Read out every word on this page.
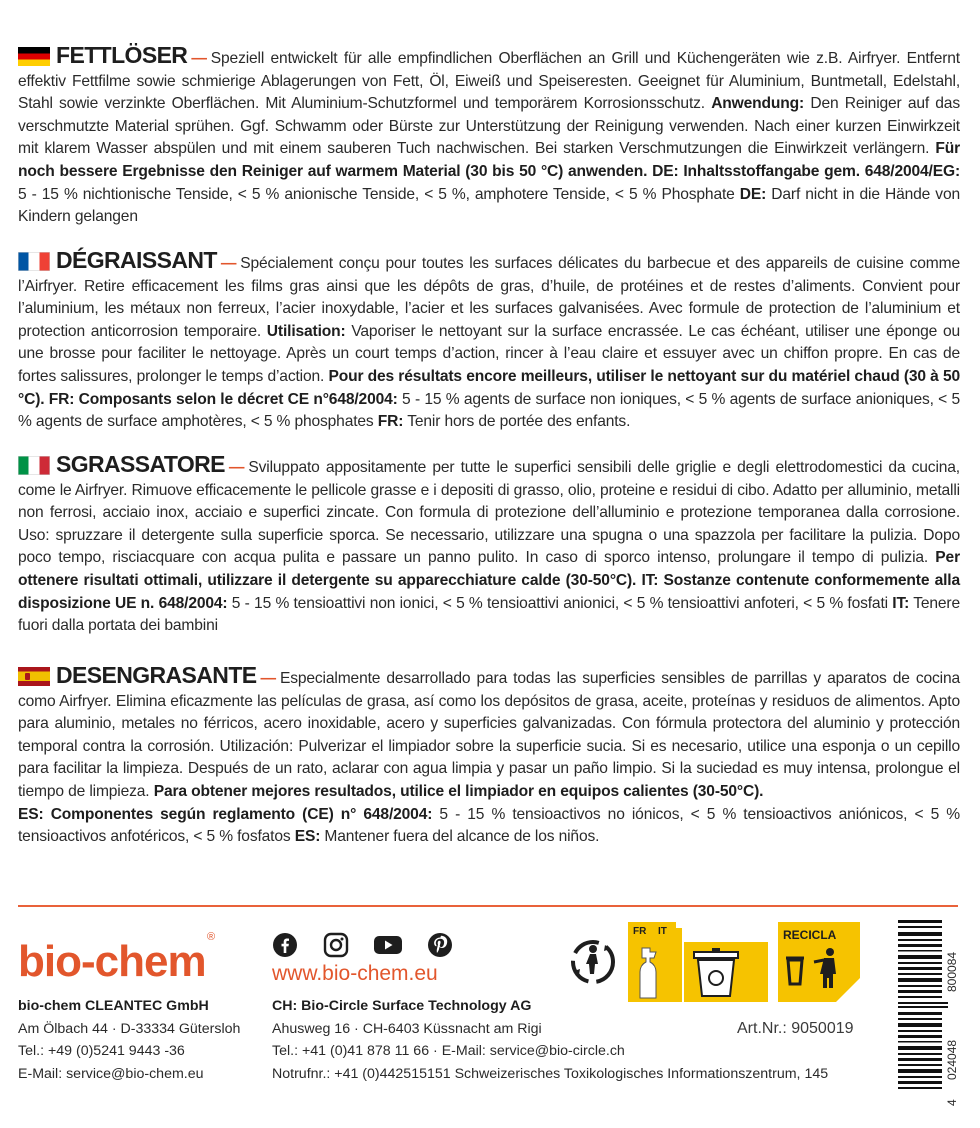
FETTLÖSER — Speziell entwickelt für alle empfindlichen Oberflächen an Grill und Küchengeräten wie z.B. Airfryer. Entfernt effektiv Fettfilme sowie schmierige Ablagerungen von Fett, Öl, Eiweiß und Speiseresten. Geeignet für Aluminium, Buntmetall, Edelstahl, Stahl sowie verzinkte Oberflächen. Mit Aluminium-Schutzformel und temporärem Korrosionsschutz. Anwendung: Den Reiniger auf das verschmutzte Material sprühen. Ggf. Schwamm oder Bürste zur Unterstützung der Reinigung verwenden. Nach einer kurzen Einwirkzeit mit klarem Wasser abspülen und mit einem sauberen Tuch nachwischen. Bei starken Verschmutzungen die Einwirkzeit verlängern. Für noch bessere Ergebnisse den Reiniger auf warmem Material (30 bis 50 °C) anwenden. DE: Inhaltsstoffangabe gem. 648/2004/EG: 5 - 15 % nichtionische Tenside, < 5 % anionische Tenside, < 5 %, amphotere Tenside, < 5 % Phosphate DE: Darf nicht in die Hände von Kindern gelangen
DÉGRAISSANT — Spécialement conçu pour toutes les surfaces délicates du barbecue et des appareils de cuisine comme l’Airfryer. Retire efficacement les films gras ainsi que les dépôts de gras, d’huile, de protéines et de restes d’aliments. Convient pour l’aluminium, les métaux non ferreux, l’acier inoxydable, l’acier et les surfaces galvanisées. Avec formule de protection de l’aluminium et protection anticorrosion temporaire. Utilisation: Vaporiser le nettoyant sur la surface encrassée. Le cas échéant, utiliser une éponge ou une brosse pour faciliter le nettoyage. Après un court temps d’action, rincer à l’eau claire et essuyer avec un chiffon propre. En cas de fortes salissures, prolonger le temps d’action. Pour des résultats encore meilleurs, utiliser le nettoyant sur du matériel chaud (30 à 50 °C). FR: Composants selon le décret CE n°648/2004: 5 - 15 % agents de surface non ioniques, < 5 % agents de surface anioniques, < 5 % agents de surface amphotères, < 5 % phosphates FR: Tenir hors de portée des enfants.
SGRASSATORE — Sviluppato appositamente per tutte le superfici sensibili delle griglie e degli elettrodomestici da cucina, come le Airfryer. Rimuove efficacemente le pellicole grasse e i depositi di grasso, olio, proteine e residui di cibo. Adatto per alluminio, metalli non ferrosi, acciaio inox, acciaio e superfici zincate. Con formula di protezione dell’alluminio e protezione temporanea dalla corrosione. Uso: spruzzare il detergente sulla superficie sporca. Se necessario, utilizzare una spugna o una spazzola per facilitare la pulizia. Dopo poco tempo, risciacquare con acqua pulita e passare un panno pulito. In caso di sporco intenso, prolungare il tempo di pulizia. Per ottenere risultati ottimali, utilizzare il detergente su apparecchiature calde (30-50°C). IT: Sostanze contenute conformemente alla disposizione UE n. 648/2004: 5 - 15 % tensioattivi non ionici, < 5 % tensioattivi anionici, < 5 % tensioattivi anfoteri, < 5 % fosfati IT: Tenere fuori dalla portata dei bambini
DESENGRASANTE — Especialmente desarrollado para todas las superficies sensibles de parrillas y aparatos de cocina como Airfryer. Elimina eficazmente las películas de grasa, así como los depósitos de grasa, aceite, proteínas y residuos de alimentos. Apto para aluminio, metales no férricos, acero inoxidable, acero y superficies galvanizadas. Con fórmula protectora del aluminio y protección temporal contra la corrosión. Utilización: Pulverizar el limpiador sobre la superficie sucia. Si es necesario, utilice una esponja o un cepillo para facilitar la limpieza. Después de un rato, aclarar con agua limpia y pasar un paño limpio. Si la suciedad es muy intensa, prolongue el tiempo de limpieza. Para obtener mejores resultados, utilice el limpiador en equipos calientes (30-50°C).
ES: Componentes según reglamento (CE) n° 648/2004: 5 - 15 % tensioactivos no iónicos, < 5 % tensioactivos aniónicos, < 5 % tensioactivos anfotéricos, < 5 % fosfatos ES: Mantener fuera del alcance de los niños.
bio-chem ®
bio-chem CLEANTEC GmbH
Am Ölbach 44 · D-33334 Gütersloh
Tel.: +49 (0)5241 9443 -36
E-Mail: service@bio-chem.eu
www.bio-chem.eu
CH: Bio-Circle Surface Technology AG
Ahusweg 16 · CH-6403 Küssnacht am Rigi
Tel.: +41 (0)41 878 11 66 · E-Mail: service@bio-circle.ch
Notrufnr.: +41 (0)442515151 Schweizerisches Toxikologisches Informationszentrum, 145
FR IT	RECICLA
Art.Nr.: 9050019
800084
024048
4
